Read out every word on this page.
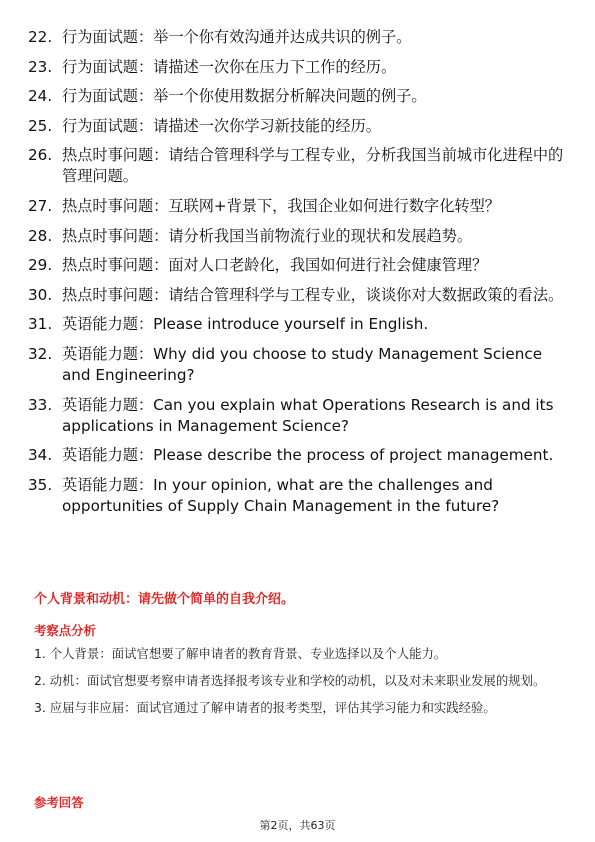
22. 行为面试题：举一个你有效沟通并达成共识的例子。
23. 行为面试题：请描述一次你在压力下工作的经历。
24. 行为面试题：举一个你使用数据分析解决问题的例子。
25. 行为面试题：请描述一次你学习新技能的经历。
26. 热点时事问题：请结合管理科学与工程专业，分析我国当前城市化进程中的管理问题。
27. 热点时事问题：互联网+背景下，我国企业如何进行数字化转型？
28. 热点时事问题：请分析我国当前物流行业的现状和发展趋势。
29. 热点时事问题：面对人口老龄化，我国如何进行社会健康管理？
30. 热点时事问题：请结合管理科学与工程专业，谈谈你对大数据政策的看法。
31. 英语能力题：Please introduce yourself in English.
32. 英语能力题：Why did you choose to study Management Science and Engineering?
33. 英语能力题：Can you explain what Operations Research is and its applications in Management Science?
34. 英语能力题：Please describe the process of project management.
35. 英语能力题：In your opinion, what are the challenges and opportunities of Supply Chain Management in the future?
个人背景和动机：请先做个简单的自我介绍。
考察点分析

1. 个人背景：面试官想要了解申请者的教育背景、专业选择以及个人能力。

2. 动机：面试官想要考察申请者选择报考该专业和学校的动机，以及对未来职业发展的规划。

3. 应届与非应届：面试官通过了解申请者的报考类型，评估其学习能力和实践经验。

参考回答
第2页，共63页
